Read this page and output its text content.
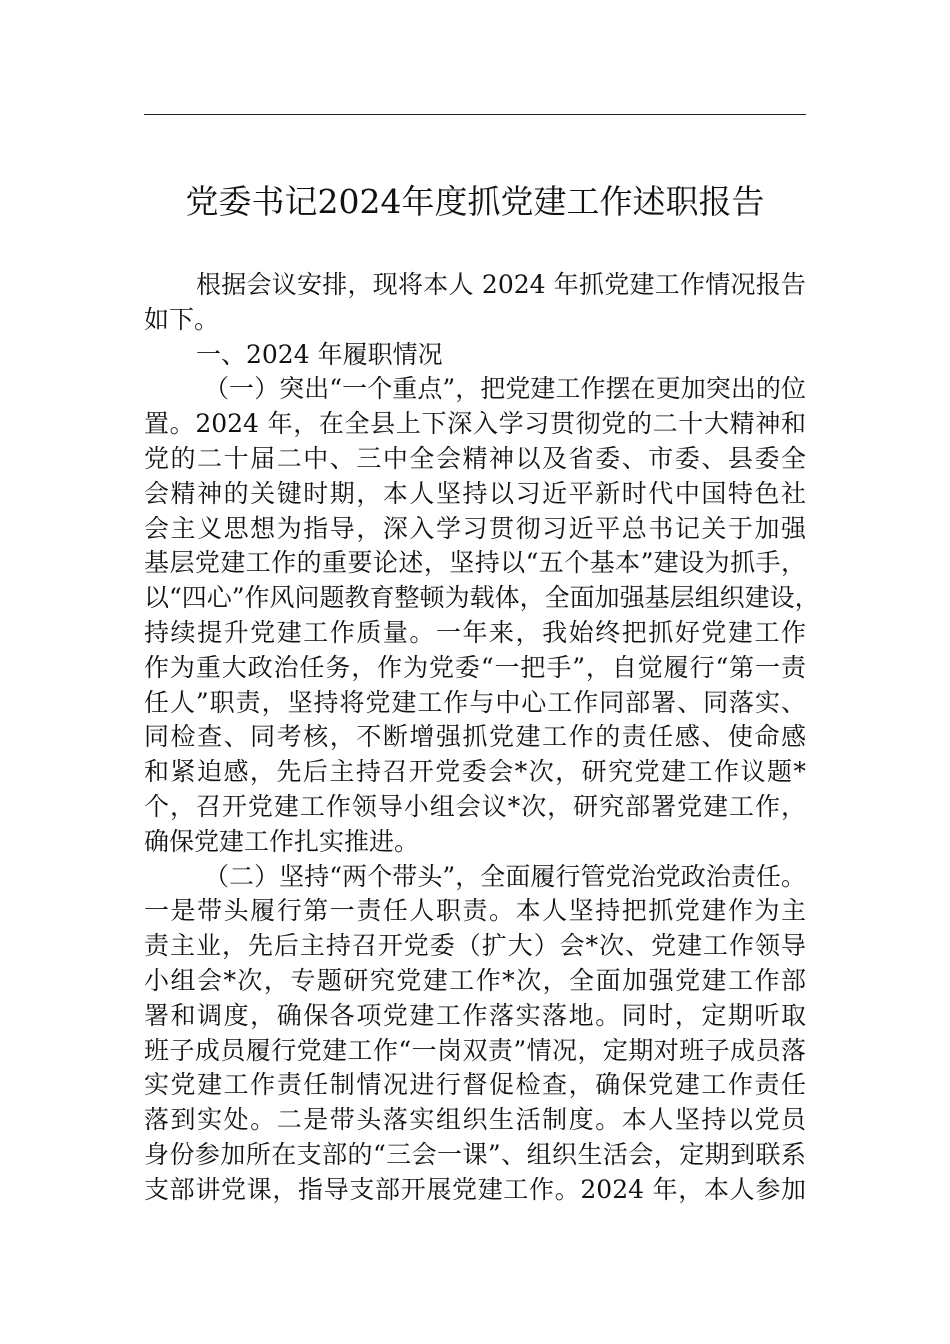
党委书记2024年度抓党建工作述职报告
根据会议安排，现将本人 2024 年抓党建工作情况报告
如下。
一、2024 年履职情况
（一）突出“一个重点”，把党建工作摆在更加突出的位
置。2024 年，在全县上下深入学习贯彻党的二十大精神和
党的二十届二中、三中全会精神以及省委、市委、县委全
会精神的关键时期，本人坚持以习近平新时代中国特色社
会主义思想为指导，深入学习贯彻习近平总书记关于加强
基层党建工作的重要论述，坚持以“五个基本”建设为抓手，
以“四心”作风问题教育整顿为载体，全面加强基层组织建设，
持续提升党建工作质量。一年来，我始终把抓好党建工作
作为重大政治任务，作为党委“一把手”，自觉履行“第一责
任人”职责，坚持将党建工作与中心工作同部署、同落实、
同检查、同考核，不断增强抓党建工作的责任感、使命感
和紧迫感，先后主持召开党委会*次，研究党建工作议题*
个，召开党建工作领导小组会议*次，研究部署党建工作，
确保党建工作扎实推进。
（二）坚持“两个带头”，全面履行管党治党政治责任。
一是带头履行第一责任人职责。本人坚持把抓党建作为主
责主业，先后主持召开党委（扩大）会*次、党建工作领导
小组会*次，专题研究党建工作*次，全面加强党建工作部
署和调度，确保各项党建工作落实落地。同时，定期听取
班子成员履行党建工作“一岗双责”情况，定期对班子成员落
实党建工作责任制情况进行督促检查，确保党建工作责任
落到实处。二是带头落实组织生活制度。本人坚持以党员
身份参加所在支部的“三会一课”、组织生活会，定期到联系
支部讲党课，指导支部开展党建工作。2024 年，本人参加
